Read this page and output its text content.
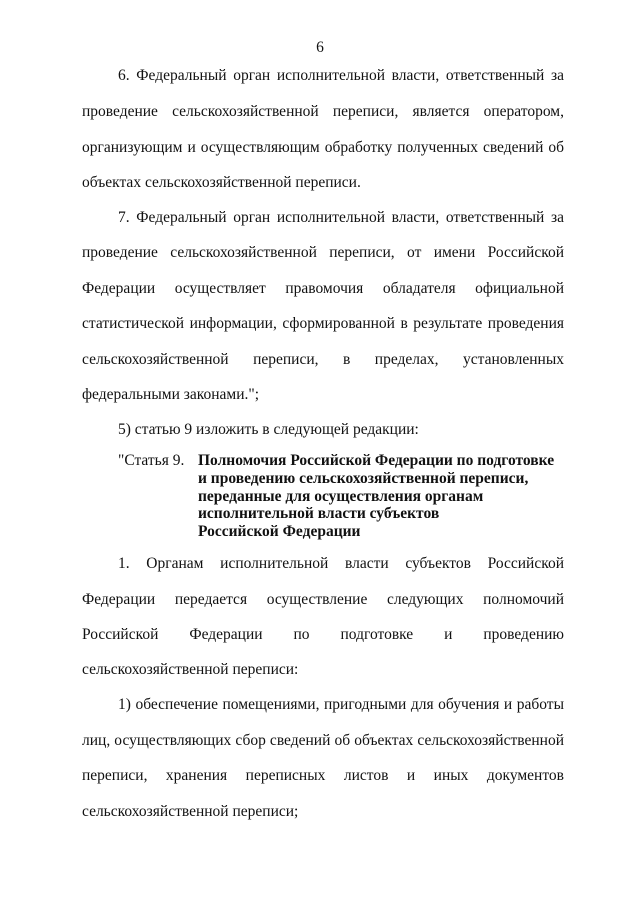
6
6. Федеральный орган исполнительной власти, ответственный за
проведение сельскохозяйственной переписи, является оператором,
организующим и осуществляющим обработку полученных сведений об
объектах сельскохозяйственной переписи.
7. Федеральный орган исполнительной власти, ответственный за
проведение сельскохозяйственной переписи, от имени Российской
Федерации осуществляет правомочия обладателя официальной
статистической информации, сформированной в результате проведения
сельскохозяйственной переписи, в пределах, установленных
федеральными законами.";
5) статью 9 изложить в следующей редакции:
"Статья 9. Полномочия Российской Федерации по подготовке
и проведению сельскохозяйственной переписи,
переданные для осуществления органам
исполнительной власти субъектов
Российской Федерации
1. Органам исполнительной власти субъектов Российской
Федерации передается осуществление следующих полномочий
Российской Федерации по подготовке и проведению
сельскохозяйственной переписи:
1) обеспечение помещениями, пригодными для обучения и работы
лиц, осуществляющих сбор сведений об объектах сельскохозяйственной
переписи, хранения переписных листов и иных документов
сельскохозяйственной переписи;
